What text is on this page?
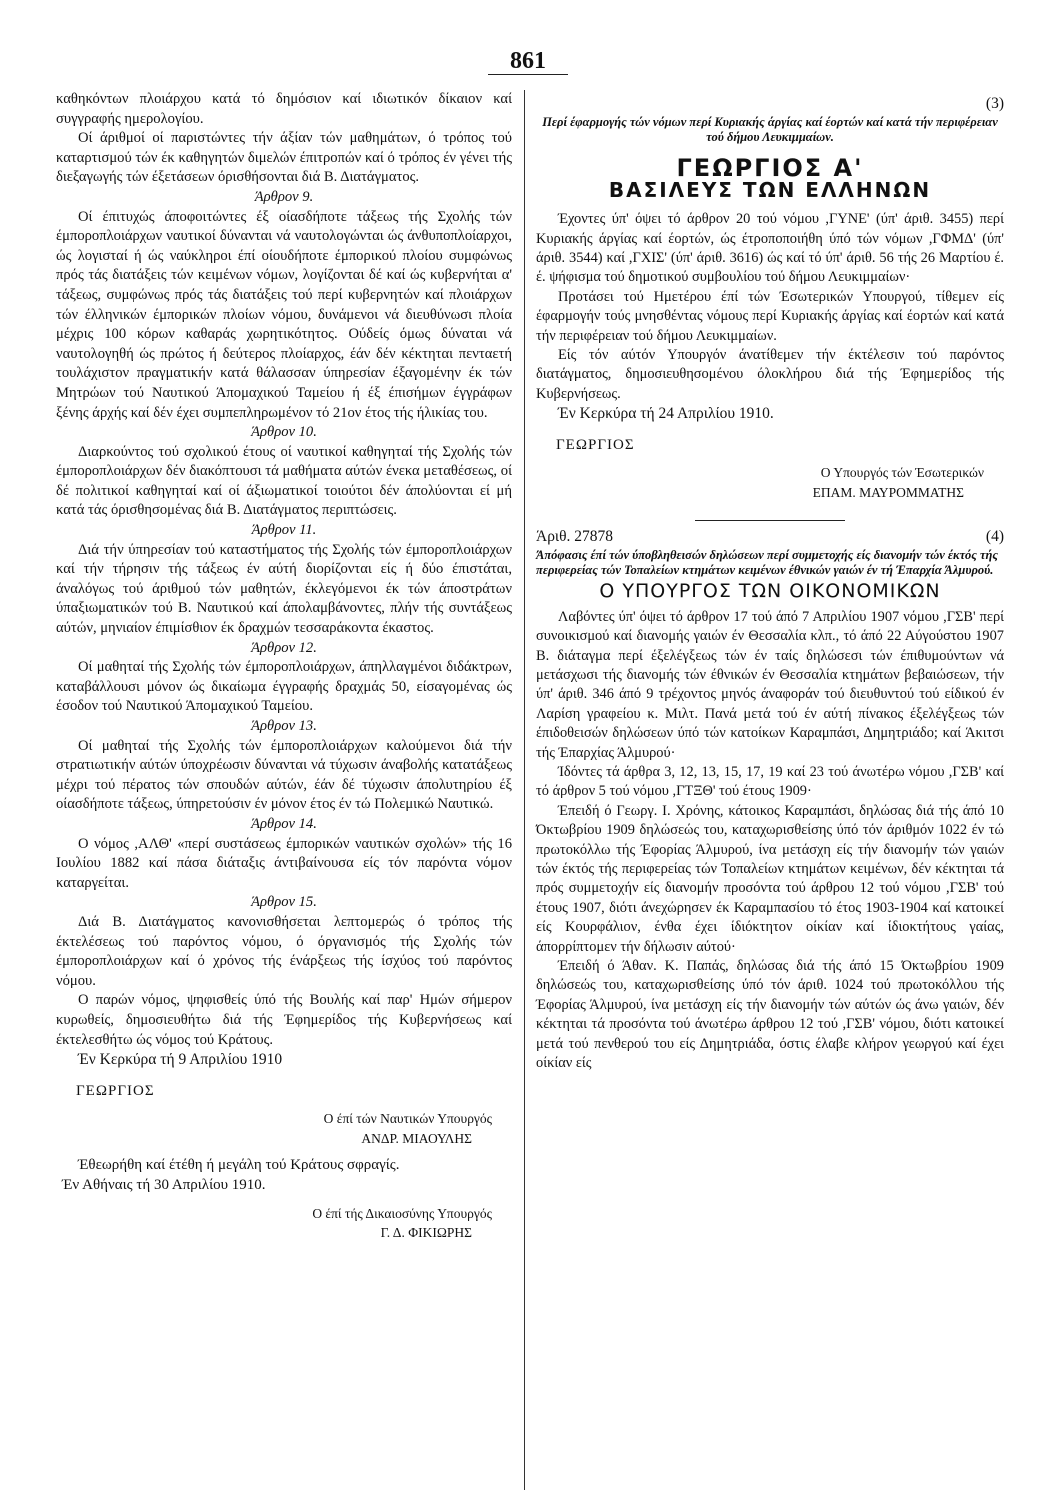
861

καθηκόντων πλοιάρχου κατά τό δημόσιον καί ιδιωτικόν δίκαιον καί συγγραφής ημερολογίου.

Οί άριθμοί οί παριστώντες τήν άξίαν τών μαθημάτων, ό τρόπος τού καταρτισμού τών έκ καθηγητών διμελών έπιτροπών καί ό τρόπος έν γένει τής διεξαγωγής τών έξετάσεων όρισθήσονται διά Β. Διατάγματος.

Άρθρον 9.

Οί έπιτυχώς άποφοιτώντες έξ οίασδήποτε τάξεως τής Σχολής τών έμποροπλοιάρχων ναυτικοί δύνανται νά ναυτολογώνται ώς άνθυποπλοίαρχοι, ώς λογισταί ή ώς ναύκληροι έπί οίουδήποτε έμπορικού πλοίου συμφώνως πρός τάς διατάξεις τών κειμένων νόμων, λογίζονται δέ καί ώς κυβερνήται α' τάξεως, συμφώνως πρός τάς διατάξεις τού περί κυβερνητών καί πλοιάρχων τών έλληνικών έμπορικών πλοίων νόμου, δυνάμενοι νά διευθύνωσι πλοία μέχρις 100 κόρων καθαράς χωρητικότητος. Ούδείς όμως δύναται νά ναυτολογηθή ώς πρώτος ή δεύτερος πλοίαρχος, έάν δέν κέκτηται πενταετή τουλάχιστον πραγματικήν κατά θάλασσαν ύπηρεσίαν έξαγομένην έκ τών Μητρώων τού Ναυτικού Άπομαχικού Ταμείου ή έξ έπισήμων έγγράφων ξένης άρχής καί δέν έχει συμπεπληρωμένον τό 21ον έτος τής ήλικίας του.

Άρθρον 10.

Διαρκούντος τού σχολικού έτους οί ναυτικοί καθηγηταί τής Σχολής τών έμποροπλοιάρχων δέν διακόπτουσι τά μαθήματα αύτών ένεκα μεταθέσεως, οί δέ πολιτικοί καθηγηταί καί οί άξιωματικοί τοιούτοι δέν άπολύονται εί μή κατά τάς όρισθησομένας διά Β. Διατάγματος περιπτώσεις.

Άρθρον 11.

Διά τήν ύπηρεσίαν τού καταστήματος τής Σχολής τών έμποροπλοιάρχων καί τήν τήρησιν τής τάξεως έν αύτή διορίζονται είς ή δύο έπιστάται, άναλόγως τού άριθμού τών μαθητών, έκλεγόμενοι έκ τών άποστράτων ύπαξιωματικών τού Β. Ναυτικού καί άπολαμβάνοντες, πλήν τής συντάξεως αύτών, μηνιαίον έπιμίσθιον έκ δραχμών τεσσαράκοντα έκαστος.

Άρθρον 12.

Οί μαθηταί τής Σχολής τών έμποροπλοιάρχων, άπηλλαγμένοι διδάκτρων, καταβάλλουσι μόνον ώς δικαίωμα έγγραφής δραχμάς 50, είσαγομένας ώς έσοδον τού Ναυτικού Άπομαχικού Ταμείου.

Άρθρον 13.

Οί μαθηταί τής Σχολής τών έμποροπλοιάρχων καλούμενοι διά τήν στρατιωτικήν αύτών ύποχρέωσιν δύνανται νά τύχωσιν άναβολής κατατάξεως μέχρι τού πέρατος τών σπουδών αύτών, έάν δέ τύχωσιν άπολυτηρίου έξ οίασδήποτε τάξεως, ύπηρετούσιν έν μόνον έτος έν τώ Πολεμικώ Ναυτικώ.

Άρθρον 14.

Ο νόμος ,ΑΛΘ' «περί συστάσεως έμπορικών ναυτικών σχολών» τής 16 Ιουλίου 1882 καί πάσα διάταξις άντιβαίνουσα είς τόν παρόντα νόμον καταργείται.

Άρθρον 15.

Διά Β. Διατάγματος κανονισθήσεται λεπτομερώς ό τρόπος τής έκτελέσεως τού παρόντος νόμου, ό όργανισμός τής Σχολής τών έμποροπλοιάρχων καί ό χρόνος τής ένάρξεως τής ίσχύος τού παρόντος νόμου.

Ο παρών νόμος, ψηφισθείς ύπό τής Βουλής καί παρ' Ημών σήμερον κυρωθείς, δημοσιευθήτω διά τής Έφημερίδος τής Κυβερνήσεως καί έκτελεσθήτω ώς νόμος τού Κράτους.

Έν Κερκύρα τή 9 Απριλίου 1910

ΓΕΩΡΓΙΟΣ
Ο έπί τών Ναυτικών Υπουργός
ΑΝΔΡ. ΜΙΑΟΥΛΗΣ

Έθεωρήθη καί έτέθη ή μεγάλη τού Κράτους σφραγίς.

Έν Αθήναις τή 30 Απριλίου 1910.

Ο έπί τής Δικαιοσύνης Υπουργός
Γ. Δ. ΦΙΚΙΩΡΗΣ
(3)
Περί έφαρμογής τών νόμων περί Κυριακής άργίας καί έορτών καί κατά τήν περιφέρειαν τού δήμου Λευκιμμαίων.
ΓΕΩΡΓΙΟΣ Α'
ΒΑΣΙΛΕΥΣ ΤΩΝ ΕΛΛΗΝΩΝ

Έχοντες ύπ' όψει τό άρθρον 20 τού νόμου ,ΓΥΝΕ' (ύπ' άριθ. 3455) περί Κυριακής άργίας καί έορτών, ώς έτροποποιήθη ύπό τών νόμων ,ΓΦΜΔ' (ύπ' άριθ. 3544) καί ,ΓΧΙΣ' (ύπ' άριθ. 3616) ώς καί τό ύπ' άριθ. 56 τής 26 Μαρτίου έ. έ. ψήφισμα τού δημοτικού συμβουλίου τού δήμου Λευκιμμαίων·

Προτάσει τού Ημετέρου έπί τών Έσωτερικών Υπουργού, τίθεμεν είς έφαρμογήν τούς μνησθέντας νόμους περί Κυριακής άργίας καί έορτών καί κατά τήν περιφέρειαν τού δήμου Λευκιμμαίων.

Είς τόν αύτόν Υπουργόν άνατίθεμεν τήν έκτέλεσιν τού παρόντος διατάγματος, δημοσιευθησομένου όλοκλήρου διά τής Έφημερίδος τής Κυβερνήσεως.

Έν Κερκύρα τή 24 Απριλίου 1910.

ΓΕΩΡΓΙΟΣ
Ο Υπουργός τών Έσωτερικών
ΕΠΑΜ. ΜΑΥΡΟΜΜΑΤΗΣ
Άριθ. 27878	(4)
Άπόφασις έπί τών ύποβληθεισών δηλώσεων περί συμμετοχής είς διανομήν τών έκτός τής περιφερείας τών Τοπαλείων κτημάτων κειμένων έθνικών γαιών έν τή Έπαρχία Άλμυρού.
Ο ΥΠΟΥΡΓΟΣ ΤΩΝ ΟΙΚΟΝΟΜΙΚΩΝ

Λαβόντες ύπ' όψει τό άρθρον 17 τού άπό 7 Απριλίου 1907 νόμου ,ΓΣΒ' περί συνοικισμού καί διανομής γαιών έν Θεσσαλία κλπ., τό άπό 22 Αύγούστου 1907 Β. διάταγμα περί έξελέγξεως τών έν ταίς δηλώσεσι τών έπιθυμούντων νά μετάσχωσι τής διανομής τών έθνικών έν Θεσσαλία κτημάτων βεβαιώσεων, τήν ύπ' άριθ. 346 άπό 9 τρέχοντος μηνός άναφοράν τού διευθυντού τού είδικού έν Λαρίση γραφείου κ. Μιλτ. Πανά μετά τού έν αύτή πίνακος έξελέγξεως τών έπιδοθεισών δηλώσεων ύπό τών κατοίκων Καραμπάσι, Δημητριάδο; καί Άκιτσι τής Έπαρχίας Άλμυρού·

Ίδόντες τά άρθρα 3, 12, 13, 15, 17, 19 καί 23 τού άνωτέρω νόμου ,ΓΣΒ' καί τό άρθρον 5 τού νόμου ,ΓΤΞΘ' τού έτους 1909·

Έπειδή ό Γεωργ. Ι. Χρόνης, κάτοικος Καραμπάσι, δηλώσας διά τής άπό 10 Όκτωβρίου 1909 δηλώσεώς του, καταχωρισθείσης ύπό τόν άριθμόν 1022 έν τώ πρωτοκόλλω τής Έφορίας Άλμυρού, ίνα μετάσχη είς τήν διανομήν τών γαιών τών έκτός τής περιφερείας τών Τοπαλείων κτημάτων κειμένων, δέν κέκτηται τά πρός συμμετοχήν είς διανομήν προσόντα τού άρθρου 12 τού νόμου ,ΓΣΒ' τού έτους 1907, διότι άνεχώρησεν έκ Καραμπασίου τό έτος 1903-1904 καί κατοικεί είς Κουρφάλιον, ένθα έχει ίδιόκτητον οίκίαν καί ίδιοκτήτους γαίας, άπορρίπτομεν τήν δήλωσιν αύτού·

Έπειδή ό Άθαν. Κ. Παπάς, δηλώσας διά τής άπό 15 Όκτωβρίου 1909 δηλώσεώς του, καταχωρισθείσης ύπό τόν άριθ. 1024 τού πρωτοκόλλου τής Έφορίας Άλμυρού, ίνα μετάσχη είς τήν διανομήν τών αύτών ώς άνω γαιών, δέν κέκτηται τά προσόντα τού άνωτέρω άρθρου 12 τού ,ΓΣΒ' νόμου, διότι κατοικεί μετά τού πενθερού του είς Δημητριάδα, όστις έλαβε κλήρον γεωργού καί έχει οίκίαν είς
